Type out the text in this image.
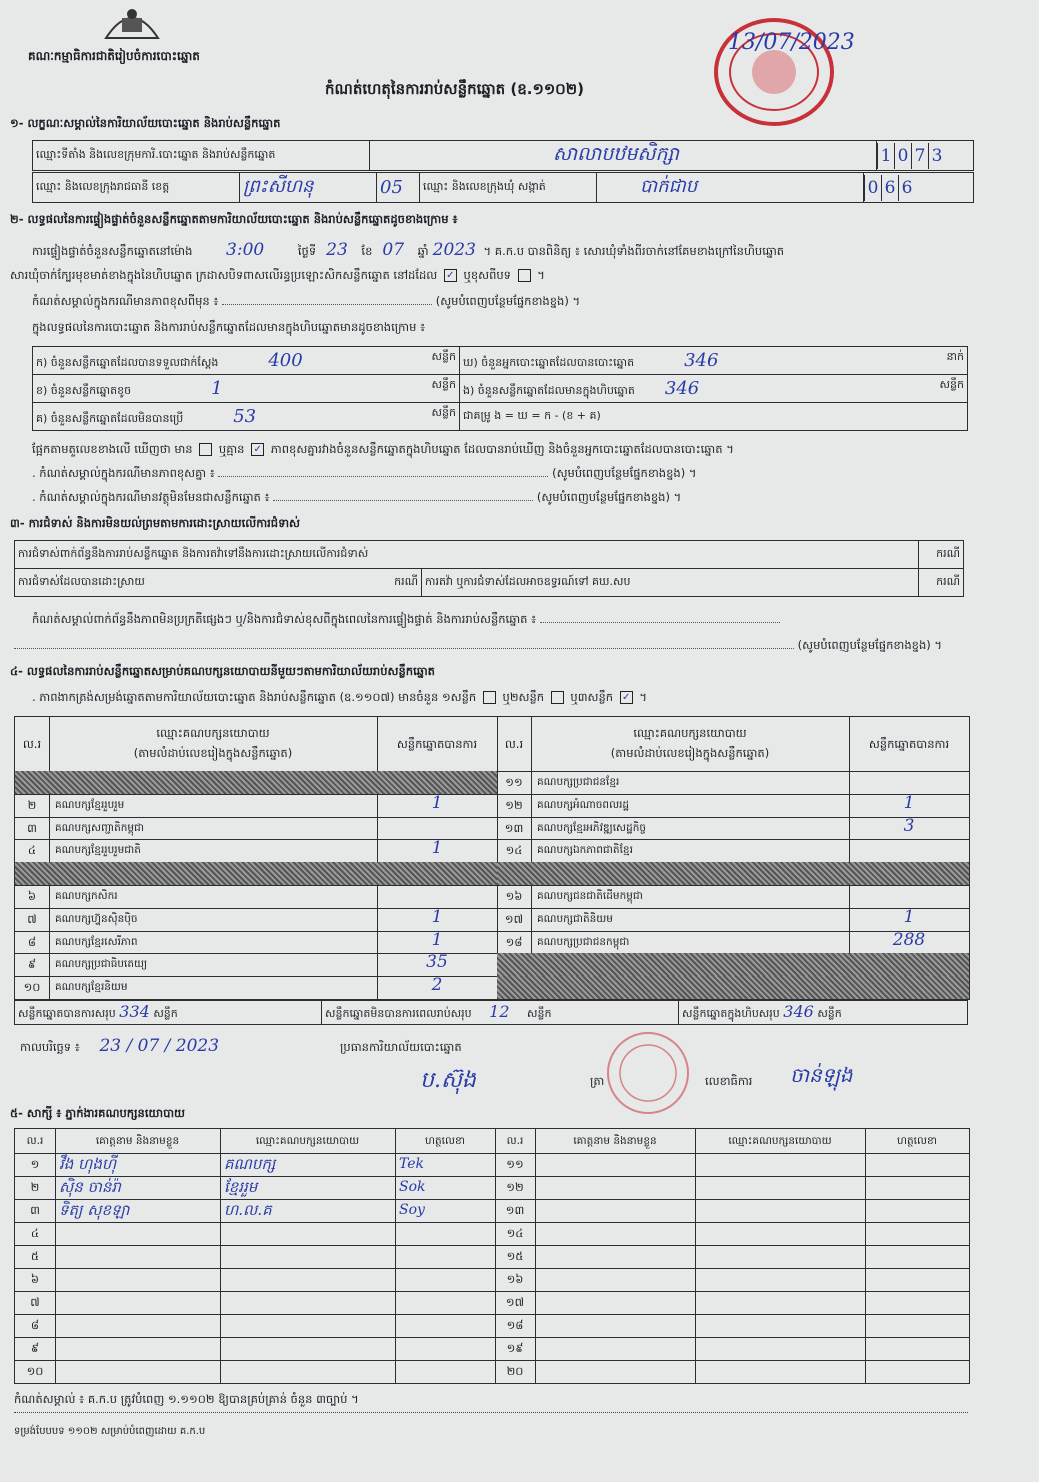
គណៈកម្មាធិការជាតិរៀបចំការបោះឆ្នោត
កំណត់ហេតុនៃការរាប់សន្លឹកឆ្នោត (ឧ.១១០២)
13/07/2023
១- លក្ខណៈសម្គាល់នៃការិយាល័យបោះឆ្នោត និងរាប់សន្លឹកឆ្នោត
ឈ្មោះទីតាំង និងលេខក្រុមការិ.បោះឆ្នោត និងរាប់សន្លឹកឆ្នោត	សាលាបឋមសិក្សា	1 0 7 3
ឈ្មោះ និងលេខក្រុងរាជធានី ខេត្ត	ព្រះសីហនុ	05	ឈ្មោះ និងលេខក្រុងឃុំ សង្កាត់	បាក់ជាប	0 6 6
២- លទ្ធផលនៃការផ្ទៀងផ្ទាត់ចំនួនសន្លឹកឆ្នោតតាមការិយាល័យបោះឆ្នោត និងរាប់សន្លឹកឆ្នោតដូចខាងក្រោម ៖
ការផ្ទៀងផ្ទាត់ចំនួនសន្លឹកឆ្នោតនៅម៉ោង 3:00	ថ្ងៃទី 23 ខែ 07 ឆ្នាំ 2023 ។ គ.ក.ប បានពិនិត្យ ៖ សោរឃុំទាំងពីរចាក់នៅគែមខាងក្រៅនៃហិបឆ្នោត
សារឃុំចាក់ក្បែរមុខមាត់ខាងក្នុងនៃហិបឆ្នោត ក្រដាសបិទពាសលើរន្ធប្រឡោះសិកសន្លឹកឆ្នោត នៅដដែល ✓ ឬខុសពីបទ  ។
កំណត់សម្គាល់ក្នុងករណីមានភាពខុសពីមុន ៖	(សូមបំពេញបន្ថែមផ្នែកខាងខ្នង) ។
ក្នុងលទ្ធផលនៃការបោះឆ្នោត និងការរាប់សន្លឹកឆ្នោតដែលមានក្នុងហិបឆ្នោតមានដូចខាងក្រោម ៖
ក) ចំនួនសន្លឹកឆ្នោតដែលបានទទួលជាក់ស្តែង 400 សន្លឹក	ឃ) ចំនួនអ្នកបោះឆ្នោតដែលបានបោះឆ្នោត 346 នាក់

ខ) ចំនួនសន្លឹកឆ្នោតខូច 1 សន្លឹក	ង) ចំនួនសន្លឹកឆ្នោតដែលមានក្នុងហិបឆ្នោត 346 សន្លឹក

គ) ចំនួនសន្លឹកឆ្នោតដែលមិនបានប្រើ 53 សន្លឹក	ជាគម្រូ ង = ឃ = ក - (ខ + គ)
ផ្អែកតាមតួលេខខាងលើ ឃើញថា មាន ឬគ្មាន ✓ ភាពខុសគ្នារវាងចំនួនសន្លឹកឆ្នោតក្នុងហិបឆ្នោត ដែលបានរាប់ឃើញ និងចំនួនអ្នកបោះឆ្នោតដែលបានបោះឆ្នោត ។
. កំណត់សម្គាល់ក្នុងករណីមានភាពខុសគ្នា ៖	(សូមបំពេញបន្ថែមផ្នែកខាងខ្នង) ។
. កំណត់សម្គាល់ក្នុងករណីមានវត្ថុមិនមែនជាសន្លឹកឆ្នោត ៖	(សូមបំពេញបន្ថែមផ្នែកខាងខ្នង) ។
៣- ការជំទាស់ និងការមិនយល់ព្រមតាមការដោះស្រាយលើការជំទាស់
ការជំទាស់ពាក់ព័ន្ធនឹងការរាប់សន្លឹកឆ្នោត និងការតវ៉ាទៅនឹងការដោះស្រាយលើការជំទាស់		ករណី
ការជំទាស់ដែលបានដោះស្រាយ ករណី	ការតវ៉ា ឬការជំទាស់ដែលអាចឧទ្ធរណ៍ទៅ គឃ.សប	ករណី
កំណត់សម្គាល់ពាក់ព័ន្ធនឹងភាពមិនប្រក្រតីផ្សេងៗ ឬ/និងការជំទាស់ខុសពីក្នុងពេលនៃការផ្ទៀងផ្ទាត់ និងការរាប់សន្លឹកឆ្នោត ៖
(សូមបំពេញបន្ថែមផ្នែកខាងខ្នង) ។
៤- លទ្ធផលនៃការរាប់សន្លឹកឆ្នោតសម្រាប់គណបក្សនយោបាយនីមួយៗតាមការិយាល័យរាប់សន្លឹកឆ្នោត
. ភាពងាកត្រង់សម្រង់ឆ្នោតតាមការិយាល័យបោះឆ្នោត និងរាប់សន្លឹកឆ្នោត (ឧ.១១០៧) មានចំនួន ១សន្លឹក ឬ២សន្លឹក ឬ៣សន្លឹក ✓ ។
ល.រ
ឈ្មោះគណបក្សនយោបាយ
(តាមលំដាប់លេខរៀងក្នុងសន្លឹកឆ្នោត)
សន្លឹកឆ្នោតបានការ
២	គណបក្សខ្មែររួបរួម	1
៣	គណបក្សសញ្ជាតិកម្ពុជា
៤	គណបក្សខ្មែររួបរួមជាតិ	1
៦	គណបក្សកសិករ
៧	គណបក្សហ្វ៊ុនស៊ិនប៉ិច	1
៨	គណបក្សខ្មែរសេរីភាព	1
៩	គណបក្សប្រជាធិបតេយ្យ	35
១០	គណបក្សខ្មែរនិយម	2
ល.រ
ឈ្មោះគណបក្សនយោបាយ
(តាមលំដាប់លេខរៀងក្នុងសន្លឹកឆ្នោត)
សន្លឹកឆ្នោតបានការ
១១	គណបក្សប្រជាជនខ្មែរ
១២	គណបក្សអំណាចពលរដ្ឋ	1
១៣	គណបក្សខ្មែរអភិវឌ្ឍសេដ្ឋកិច្ច	3
១៤	គណបក្សឯកភាពជាតិខ្មែរ
១៦	គណបក្សជនជាតិដើមកម្ពុជា
១៧	គណបក្សជាតិនិយម	1
១៨	គណបក្សប្រជាជនកម្ពុជា	288
សន្លឹកឆ្នោតបានការសរុប 334 សន្លឹក	សន្លឹកឆ្នោតមិនបានការពេលរាប់សរុប 12 សន្លឹក	សន្លឹកឆ្នោតក្នុងហិបសរុប 346 សន្លឹក
កាលបរិច្ឆេទ ៖ 23 / 07 / 2023	ប្រធានការិយាល័យបោះឆ្នោត
ប.ស៊ុង	ត្រា	លេខាធិការ ចាន់ឡុង
៥- សាក្សី ៖ ភ្នាក់ងារគណបក្សនយោបាយ
ល.រ	គោត្តនាម និងនាមខ្លួន	ឈ្មោះគណបក្សនយោបាយ	ហត្ថលេខា	ល.រ	គោត្តនាម និងនាមខ្លួន	ឈ្មោះគណបក្សនយោបាយ	ហត្ថលេខា
១	វឹង ហុងហ៊ី	គណបក្ស	Tek	១១
២	ស៊ិន ចាន់រ៉ា	ខ្មែររួម	Sok	១២
៣	ទិត្យ សុខឡា	ហ.ល.គ	Soy	១៣
៤	១៤
៥	១៥
៦	១៦
៧	១៧
៨	១៨
៩	១៩
១០	២០
កំណត់សម្គាល់ ៖ គ.ក.ប ត្រូវបំពេញ ១.១១០២ ឱ្យបានគ្រប់គ្រាន់ ចំនួន ៣ច្បាប់ ។
ទម្រង់បែបបទ ១១០២ សម្រាប់បំពេញដោយ គ.ក.ប
